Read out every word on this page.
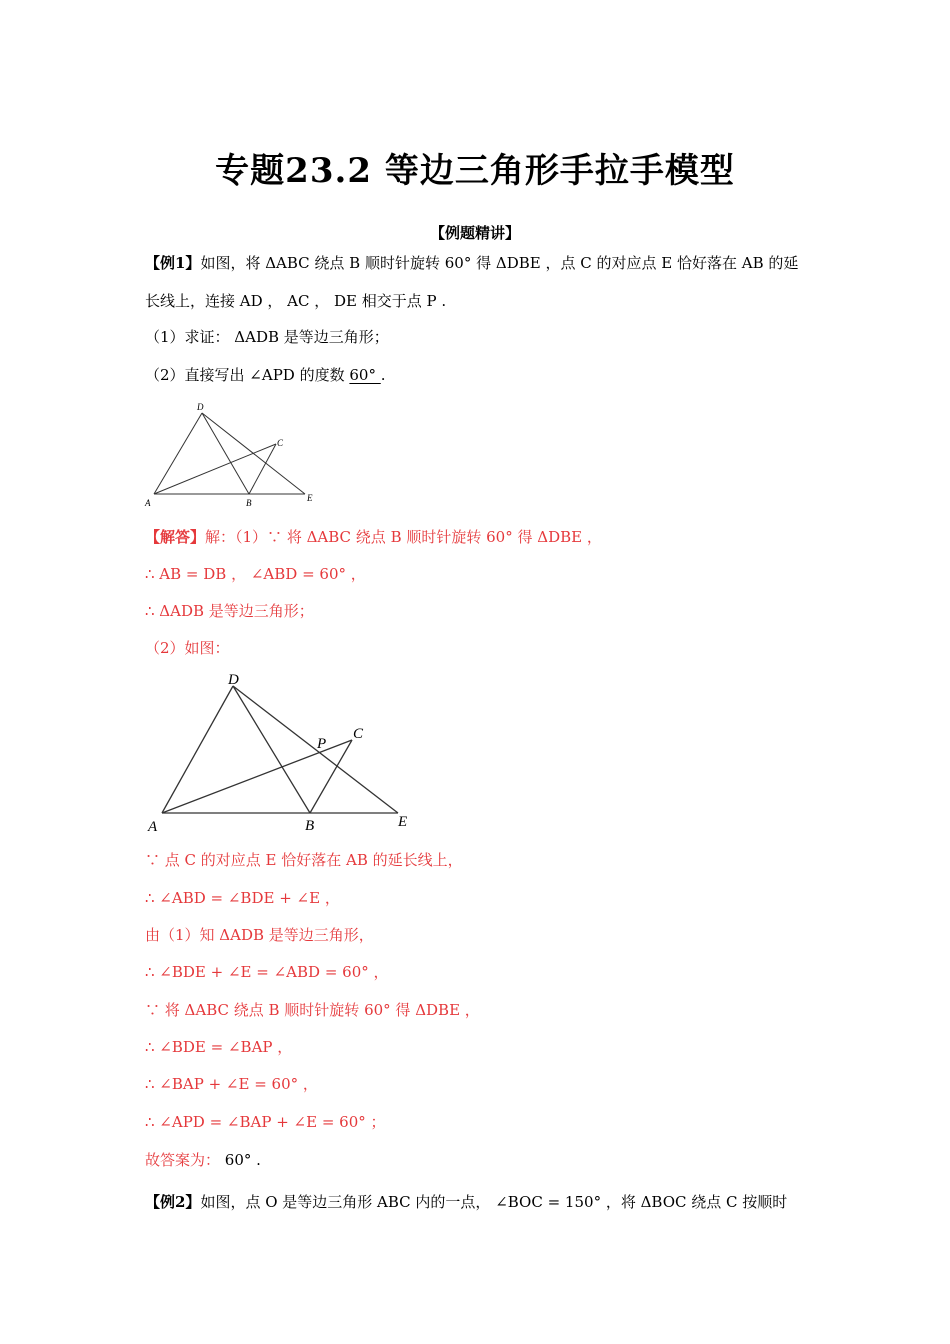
专题23.2 等边三角形手拉手模型
【例题精讲】
【例1】如图，将 ΔABC 绕点 B 顺时针旋转 60° 得 ΔDBE ，点 C 的对应点 E 恰好落在 AB 的延
长线上，连接 AD ， AC ， DE 相交于点 P .
（1）求证： ΔADB 是等边三角形；
（2）直接写出 ∠APD 的度数 60° .
A	B
C
D
E
【解答】解：（1）∵ 将 ΔABC 绕点 B 顺时针旋转 60° 得 ΔDBE ，
∴ AB = DB ， ∠ABD = 60° ，
∴ ΔADB 是等边三角形；
（2）如图：
A	B
C
D
E
P
∵ 点 C 的对应点 E 恰好落在 AB 的延长线上，
∴ ∠ABD = ∠BDE + ∠E ，
由（1）知 ΔADB 是等边三角形，
∴ ∠BDE + ∠E = ∠ABD = 60° ，
∵ 将 ΔABC 绕点 B 顺时针旋转 60° 得 ΔDBE ，
∴ ∠BDE = ∠BAP ，
∴ ∠BAP + ∠E = 60° ，
∴ ∠APD = ∠BAP + ∠E = 60° ；
故答案为： 60° .
【例2】如图，点 O 是等边三角形 ABC 内的一点， ∠BOC = 150° ，将 ΔBOC 绕点 C 按顺时
